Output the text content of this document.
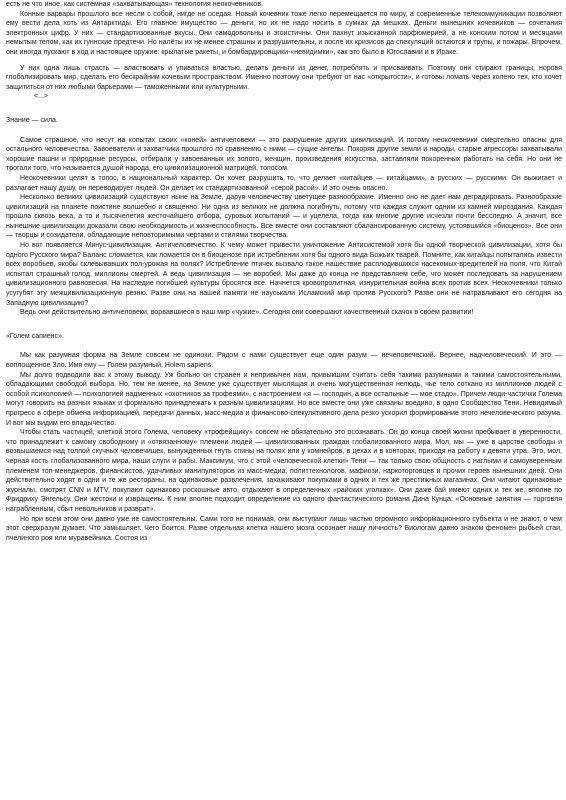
есть не что иное, как системная «захватывающая» технология неокочевников.

Конные варвары прошлого все несли с собой, нигде не оседая. Новый кочевник тоже легко перемещается по миру, а современные телекоммуникации позволяют ему вести дела хоть из Антарктиды. Его главное имущество — деньги, но их не надо носить в сумках да мешках. Деньги нынешних кочевников — сочетания электронных цифр. У них — стандартизованные вкусы. Они самодовольны и эгоистичны. Они пахнут изысканной парфюмерией, а не конским потом и месяцами немытым телом, как их гуннские предтечи. Но налёты их не менее страшны и разрушительны, и после их кризисов да спекуляций остаются и трупы, и пожары. Впрочем, они иногда пускают в ход и настоящее оружие: крылатые ракеты, и бомбардировщики-«невидимки», как это было в Югославии и в Ираке.

У них одна лишь страсть — властвовать и упиваться властью, делать деньги из денег, потреблять и присваивать. Поэтому они стирают границы, норовя глобализировать мир, сделать его бескрайним кочевым пространством. Именно поэтому они требуют от нас «открытости», и готовы ломать через колено тех, кто хочет защититься от них любыми барьерами — таможенными или культурными.

<...>

Знание — сила.

Самое страшное, что несут на копытах своих «коней» античеловеки — это разрушение других цивилизаций. И потому неокочевники смертельно опасны для остального человечества. Завоеватели и захватчики прошлого по сравнению с ними — сущие ангелы. Покоряя другие земли и народы, старые агрессоры захватывали хорошие пашни и природные ресурсы, отбирали у завоеванных их золото, женщин, произведения искусства, заставляли покоренных работать на себя. Но они не трогали того, что называется душой народа, его цивилизационной матрицей, топосом.

Неокочевники целят в топос, в национальный характер. Он хочет разрушить то, что делает «китайцев — китайцами», а русских — русскими. Он выжигает и разлагает нашу душу, он переводирует людей. Он делает их стандартизованной «серой расой». И это очень опасно.

Несколько великих цивилизаций существуют ныне на Земле, даруя человечеству цветущее разнообразие. Именно оно не дает нам деградировать. Разнообразие цивилизаций на планете поистине волшебно и священно. Ни одна из великих не должна погибнуть, потому что каждая служит одним из камней мироздания. Каждая прошла сквозь века, а то и тысячелетия жесточайшего отбора, суровых испытаний — и уцелела, тогда как многие другие исчезли почти бесследно. А значит, все нынешние цивилизации доказали свою необходимость и жизнеспособность. Все вместе они составляют сбалансированную систему, устоявшийся «биоценоз». Все они — творцы и созидатели, обладающие неповторимыми чертами и стилями творчества.

Но вот появляется Минус-цивилизация. Античеловечество. К чему может привести уничтожение Антисистемой хотя бы одной творческой цивилизации, хотя бы одного Русского мира? Баланс сломается, как ломается он в биоценозе при истреблении хотя бы одного вида Божьих тварей. Помните, как китайцы попытались извести всех воробьев, якобы склевывавших пол-урожая на полях? Истребление птичек вызвало такое нашествие расплодившихся насекомых-вредителей на поля, что Китай испытал страшный голод, миллионы смертей. А ведь цивилизация — не воробей. Мы даже до конца не представляем себе, что может последовать за нарушением цивилизационного равновесия. На наследие погибшей культуры бросятся все. Начнется кровопролитная, изнурительная война всех против всех. Неокочевники только усугубят эту межцивилизационную резню. Разве они на нашей памяти не науськали Исламский мир против Русского? Разве они не натравливают его сегодня на Западную цивилизацию?

Ведь они действительно античеловеки, ворвавшиеся в наш мир «чужие». Сегодня они совершают качественный скачок в своем развитии!

«Голем сапиенс».

Мы как разумная форма на Земле совсем не одиноки. Рядом с нами существует еще один разум — нечеловеческий. Вернее, надчеловеческий. И это — воплощенное Зло. Имя ему — Голем разумный, Holem sapiens.

Мы долго подводили вас к этому выводу. Уж больно он странен и непривычен нам, привыкшим считать себя такими разумными и такими самостоятельными, обладающими свободой выбора. Но, тем не менее, на Земле уже существует мыслящая и очень могущественная нелюдь, чье тело соткано из миллионов людей с особой психологией — психологией надменных «охотников за трофеями», с настроением «я — господин, а все остальные — мое стадо». Причем люди-частички Голема могут говорить на разных языках и формально принадлежать к разным цивилизациям. Но все вместе они уже связаны воедино, в одно Сообщество Тени. Невидимый прогресс в сфере обмена информацией, передачи данных, масс-медиа и финансово-спекулятивного дела резко ускорил формирование этого нечеловеческого разума. И вот мы видим его владычество.

Чтобы стать частицей, клеткой этого Голема, человеку «трофейщику» совсем не обязательно это осознавать. Он до конца своей жизни пребывает в уверенности, что принадлежит к самому свободному и «отвязанному» племени людей — цивилизованных граждан глобализованного мира. Мол, мы — уже в царстве свободы и возвышаемся над толпой скучных человечишек, вынужденных гнуть спины на полях или у комнейров, в цехах и в конторах, приходя на работу к девяти утра. Это, мол, черная кость глобализованного мира, наши слуги и рабы. Максимум, что с этой «человеческой клетки» Тени — так только свою общность с наглыми и самоуверенным племенем топ-менеджеров, финансистов, удачливых манипуляторов из масс-медиа, политтехнологов, мафиози, наркоторговцев и прочих героев нынешних дней. Они действительно ходят в одни и те же рестораны, на одинаковые развлечения, захаживают покупками в одних и тех же престижных магазинах. Они читают одинаковые журналы, смотрят CNN и MTV, покупают одинаково роскошные авто, отдыхают в определенных «райских уголках». Они даже бай имеют одних и тех же, вполне по Фридриху Энгельсу. Они жестоки и извращены. К ним вполне подходит определение из одного фантастического романа Дина Кунца: «Основные занятия — торговля награбленным, сбыт невольников и разврат».

Но при всем этом они давно уже не самостоятельны. Сами того не понимая, они выступают лишь частью огромного информационного субъекта и не знают, о чем этот сверхразум думает. Что замышляет. Чего боится. Разве отдельная клетка нашего мозга осознает нашу личность? Биологам давно знаком феномен рыбьей стаи, пчелиного роя или муравейника. Состоя из
